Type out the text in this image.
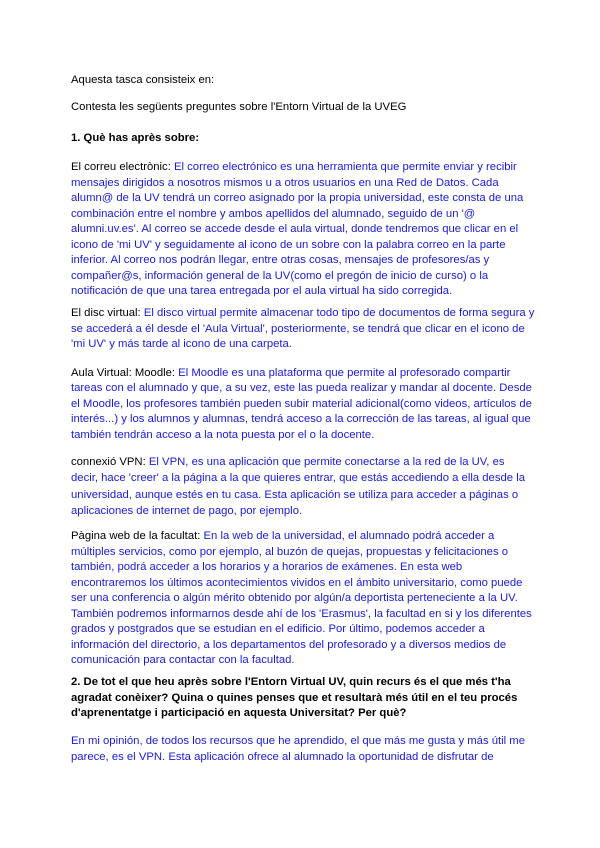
Aquesta tasca consisteix en:
Contesta les següents preguntes sobre l'Entorn Virtual de la UVEG
1. Què has après sobre:
El correu electrònic: El correo electrónico es una herramienta que permite enviar y recibir
mensajes dirigidos a nosotros mismos u a otros usuarios en una Red de Datos. Cada
alumn@ de la UV tendrá un correo asignado por la propia universidad, este consta de una
combinación entre el nombre y ambos apellidos del alumnado, seguido de un '@
alumni.uv.es'. Al correo se accede desde el aula virtual, donde tendremos que clicar en el
icono de 'mi UV' y seguidamente al icono de un sobre con la palabra correo en la parte
inferior. Al correo nos podrán llegar, entre otras cosas, mensajes de profesores/as y
compañer@s, información general de la UV(como el pregón de inicio de curso) o la
notificación de que una tarea entregada por el aula virtual ha sido corregida.
El disc virtual: El disco virtual permite almacenar todo tipo de documentos de forma segura y
se accederá a él desde el 'Aula Virtual', posteriormente, se tendrá que clicar en el icono de
'mi UV' y más tarde al icono de una carpeta.
Aula Virtual: Moodle: El Moodle es una plataforma que permite al profesorado compartir
tareas con el alumnado y que, a su vez, este las pueda realizar y mandar al docente. Desde
el Moodle, los profesores también pueden subir material adicional(como videos, artículos de
interés...) y los alumnos y alumnas, tendrá acceso a la corrección de las tareas, al igual que
también tendrán acceso a la nota puesta por el o la docente.
connexió VPN: El VPN, es una aplicación que permite conectarse a la red de la UV, es
decir, hace 'creer' a la página a la que quieres entrar, que estás accediendo a ella desde la
universidad, aunque estés en tu casa. Esta aplicación se utiliza para acceder a páginas o
aplicaciones de internet de pago, por ejemplo.
Pàgina web de la facultat: En la web de la universidad, el alumnado podrá acceder a
múltiples servicios, como por ejemplo, al buzón de quejas, propuestas y felicitaciones o
también, podrá acceder a los horarios y a horarios de exámenes. En esta web
encontraremos los últimos acontecimientos vividos en el ámbito universitario, como puede
ser una conferencia o algún mérito obtenido por algún/a deportista perteneciente a la UV.
También podremos informarnos desde ahí de los 'Erasmus', la facultad en si y los diferentes
grados y postgrados que se estudian en el edificio. Por último, podemos acceder a
información del directorio, a los departamentos del profesorado y a diversos medios de
comunicación para contactar con la facultad.
2. De tot el que heu après sobre l'Entorn Virtual UV, quin recurs és el que més t'ha
agradat conèixer? Quina o quines penses que et resultarà més útil en el teu procés
d'aprenentatge i participació en aquesta Universitat? Per què?
En mi opinión, de todos los recursos que he aprendido, el que más me gusta y más útil me
parece, es el VPN. Esta aplicación ofrece al alumnado la oportunidad de disfrutar de
